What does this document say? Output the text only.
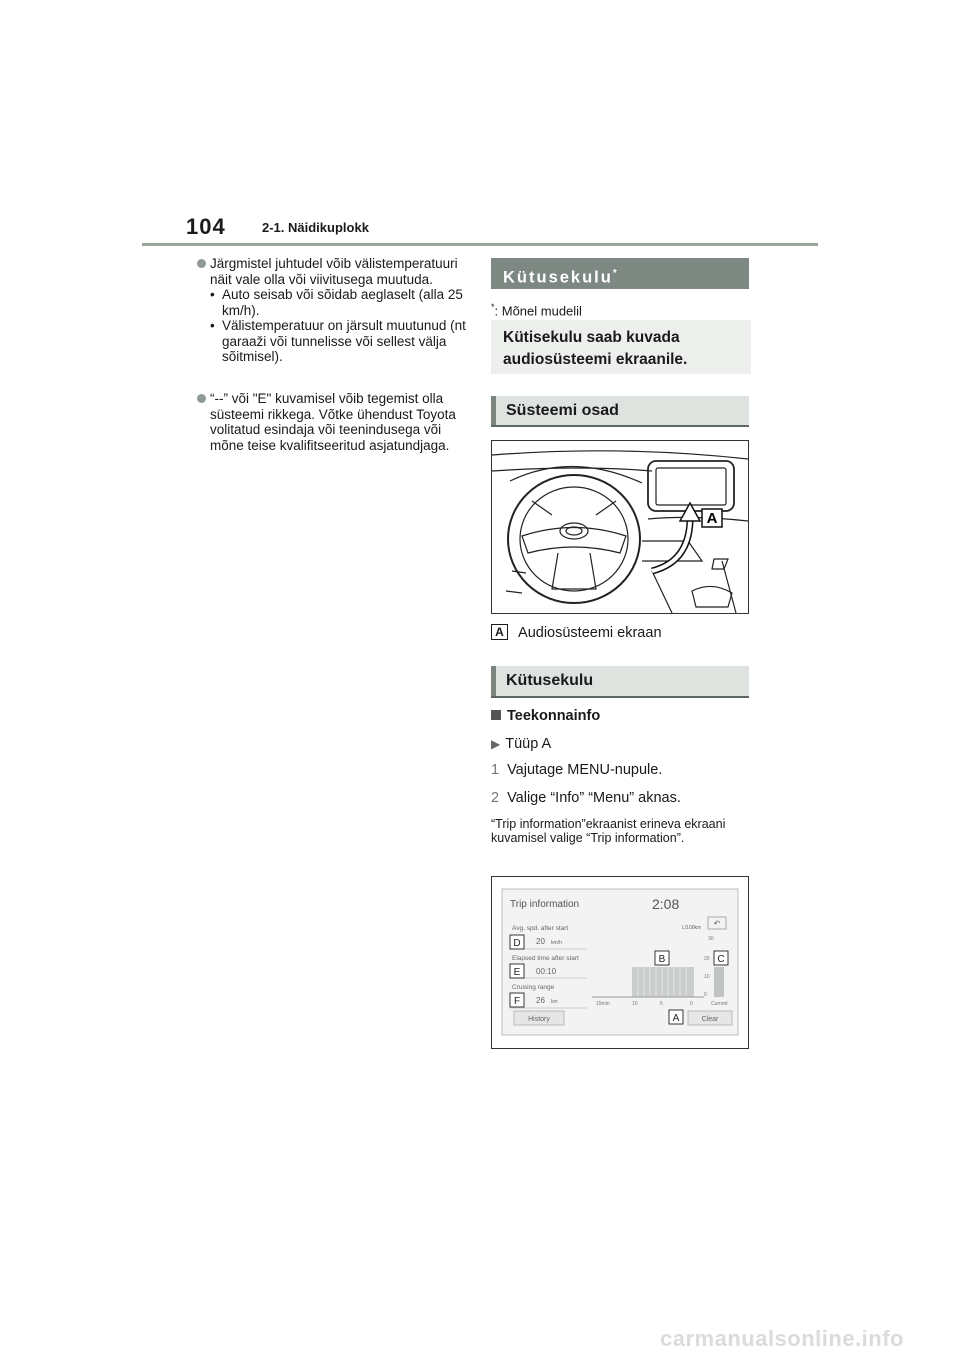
104	2-1. Näidikuplokk
Järgmistel juhtudel võib välistemperatuuri näit vale olla või viivitusega muutuda.
• Auto seisab või sõidab aeglaselt (alla 25 km/h).
• Välistemperatuur on järsult muutunud (nt garaaži või tunnelisse või sellest välja sõitmisel).
“--” või "E" kuvamisel võib tegemist olla süsteemi rikkega. Võtke ühendust Toyota volitatud esindaja või teenindusega või mõne teise kvalifitseeritud asjatundjaga.
Kütusekulu*
*: Mõnel mudelil
Kütisekulu saab kuvada audiosüsteemi ekraanile.
Süsteemi osad
A
A Audiosüsteemi ekraan
Kütusekulu
Teekonnainfo
▶ Tüüp A
1 Vajutage MENU-nupule.
2 Valige “Info” “Menu” aknas.
“Trip information”ekraanist erineva ekraani kuvamisel valige “Trip information”.
Trip information	2:08
L/100km ↶
Avg. spd. after start
20 km/h
Elapsed time after start
00:10
Cruising range
26 km
History	Clear
30
20
10
0
15min	10	5	0	Current
D
E
F
B	C
A
carmanualsonline.info
